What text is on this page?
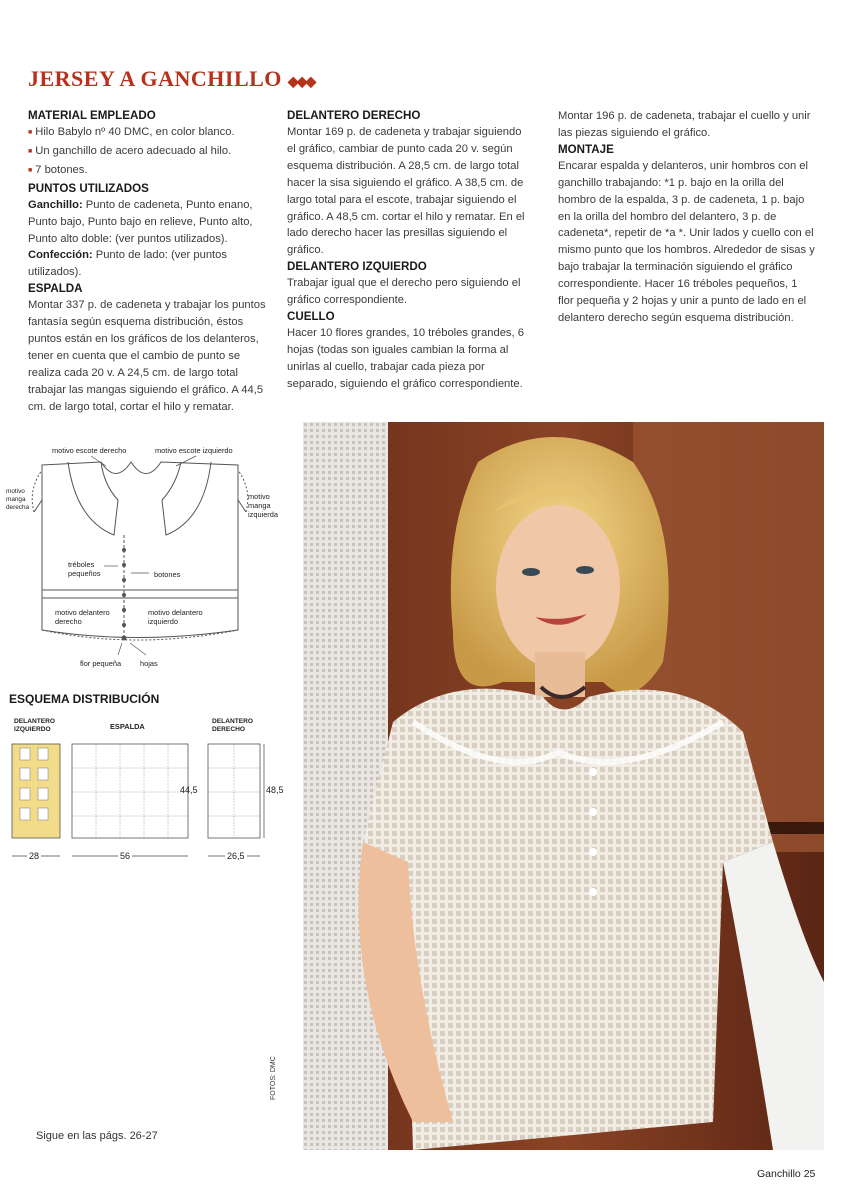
JERSEY A GANCHILLO ◆◆◆
MATERIAL EMPLEADO

■ Hilo Babylo nº 40 DMC, en color blanco.

■ Un ganchillo de acero adecuado al hilo.

■ 7 botones.

PUNTOS UTILIZADOS

Ganchillo: Punto de cadeneta, Punto enano, Punto bajo, Punto bajo en relieve, Punto alto, Punto alto doble: (ver puntos utilizados). Confección: Punto de lado: (ver puntos utilizados).

ESPALDA

Montar 337 p. de cadeneta y trabajar los puntos fantasía según esquema distribución, éstos puntos están en los gráficos de los delanteros, tener en cuenta que el cambio de punto se realiza cada 20 v. A 24,5 cm. de largo total trabajar las mangas siguiendo el gráfico. A 44,5 cm. de largo total, cortar el hilo y rematar.

DELANTERO DERECHO

Montar 169 p. de cadeneta y trabajar siguiendo el gráfico, cambiar de punto cada 20 v. según esquema distribución. A 28,5 cm. de largo total hacer la sisa siguiendo el gráfico. A 38,5 cm. de largo total para el escote, trabajar siguiendo el gráfico. A 48,5 cm. cortar el hilo y rematar. En el lado derecho hacer las presillas siguiendo el gráfico.

DELANTERO IZQUIERDO

Trabajar igual que el derecho pero siguiendo el gráfico correspondiente.

CUELLO

Hacer 10 flores grandes, 10 tréboles grandes, 6 hojas (todas son iguales cambian la forma al unirlas al cuello, trabajar cada pieza por separado, siguiendo el gráfico correspondiente.

Montar 196 p. de cadeneta, trabajar el cuello y unir las piezas siguiendo el gráfico.

MONTAJE

Encarar espalda y delanteros, unir hombros con el ganchillo trabajando: *1 p. bajo en la orilla del hombro de la espalda, 3 p. de cadeneta, 1 p. bajo en la orilla del hombro del delantero, 3 p. de cadeneta*, repetir de *a *. Unir lados y cuello con el mismo punto que los hombros. Alrededor de sisas y bajo trabajar la terminación siguiendo el gráfico correspondiente. Hacer 16 tréboles pequeños, 1 flor pequeña y 2 hojas y unir a punto de lado en el delantero derecho según esquema distribución.

motivo escote derecho	motivo escote izquierdo
motivo manga derecha
motivo manga izquierda
tréboles pequeños	botones
motivo delantero derecho
motivo delantero izquierdo
flor pequeña	hojas
ESQUEMA DISTRIBUCIÓN
DELANTERO IZQUIERDO	ESPALDA
DELANTERO DERECHO
44,5	48,5
28	56	26,5
FOTOS: DMC
Sigue en las págs. 26-27
Ganchillo 25
